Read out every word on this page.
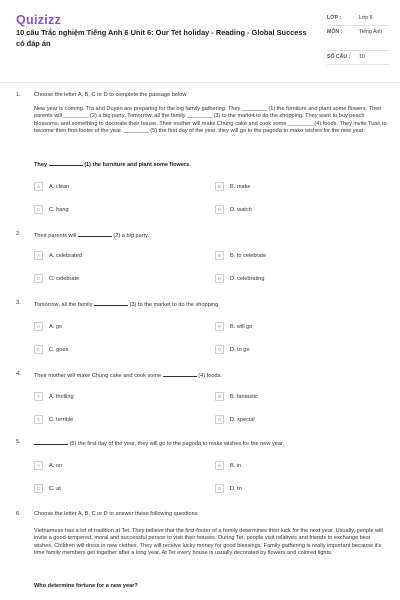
Quizizz
10 câu Trắc nghiệm Tiếng Anh 6 Unit 6: Our Tet holiday - Reading - Global Success có đáp án
LỚP :	Lớp 6
MÔN :	Tiếng Anh
SỐ CÂU :	10
1. Choose the letter A, B, C or D to complete the passage below
New year is coming. Tra and Duyen are preparing for the big family gathering. They ________ (1) the furniture and plant some flowers. Their parents will ________ (2) a big party. Tomorrow, all the family ________ (3) to the market to do the shopping. They want to buy peach blossoms, and something to decorate their house. Their mother will make Chung cake and cook some ________ (4) foods. They invite Tuan to become their first-footer of the year. ________ (5) the first day of the year, they will go to the pagoda to make wishes for the new year.
They	(1) the furniture and plant some flowers.
A	A. clean	B	B. make
C	C. hang	D	D. watch
2. Their parents will	(2) a big party.
A	A. celebrated	B	B. to celebrate
C	C. celebrate	D	D. celebrating
3. Tomorrow, all the family	(3) to the market to do the shopping.
A	A. go	B	B. will go
C	C. goes	D	D. to go
4. Their mother will make Chung cake and cook some	(4) foods.
A	A. thrilling	B	B. fantastic
C	C. terrible	D	D. special
5.	(5) the first day of the year, they will go to the pagoda to make wishes for the new year.
A	A. on	B	B. in
C	C. at	D	D. to
6. Choose the letter A, B, C or D to answer these following questions
Vietnamese has a lot of tradition at Tet. They believe that the first-footer of a family determines their luck for the next year. Usually, people will invite a good-tempered, moral and successful person to visit their houses. During Tet, people visit relatives and friends to exchange best wishes. Children will dress in new clothes. They will receive lucky money for good blessings. Family gathering is really important because it's time family members get together after a long year. At Tet every house is usually decorated by flowers and colored lights.
Who determine fortune for a new year?
